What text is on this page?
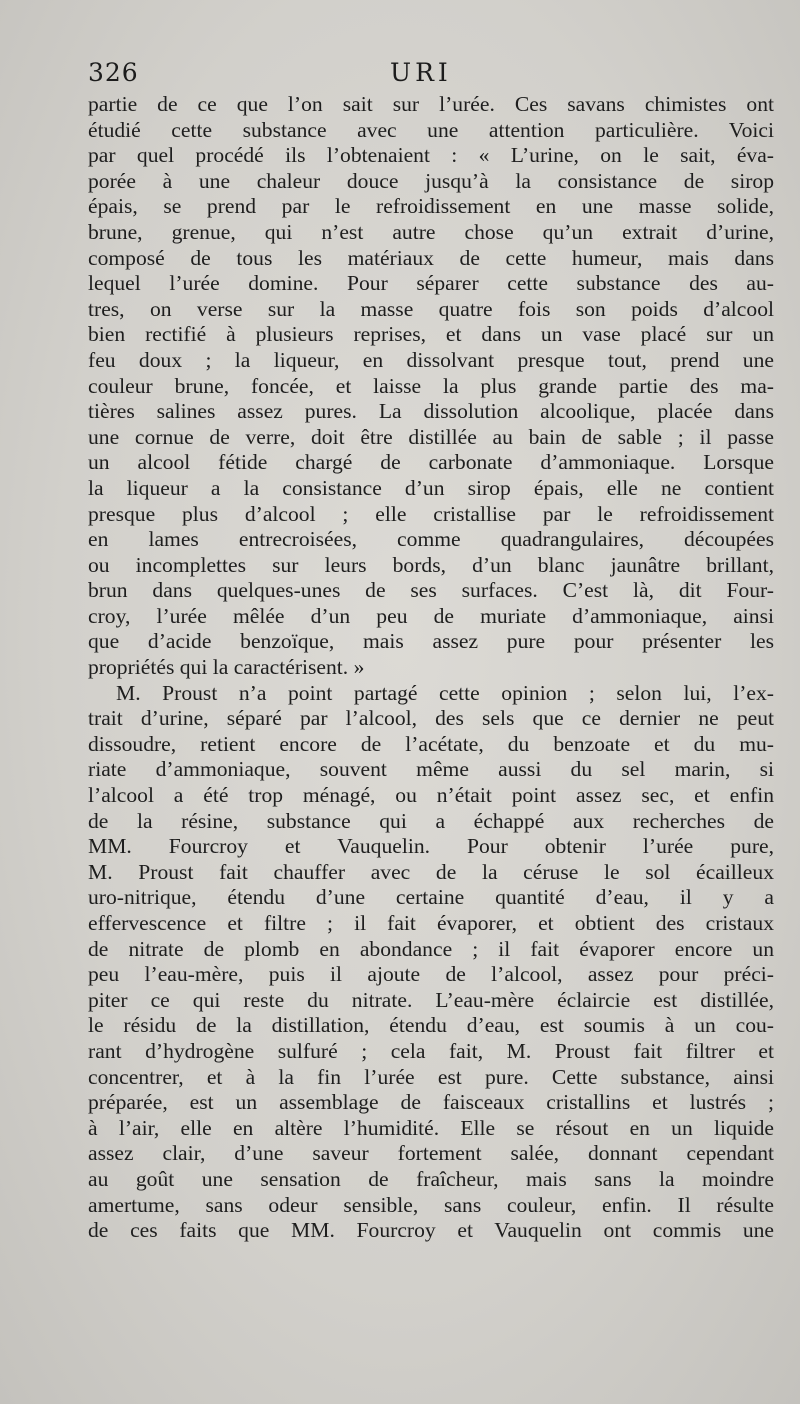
326	URI
partie de ce que l’on sait sur l’urée. Ces savans chimistes ont
étudié cette substance avec une attention particulière. Voici
par quel procédé ils l’obtenaient : « L’urine, on le sait, éva-
porée à une chaleur douce jusqu’à la consistance de sirop
épais, se prend par le refroidissement en une masse solide,
brune, grenue, qui n’est autre chose qu’un extrait d’urine,
composé de tous les matériaux de cette humeur, mais dans
lequel l’urée domine. Pour séparer cette substance des au-
tres, on verse sur la masse quatre fois son poids d’alcool
bien rectifié à plusieurs reprises, et dans un vase placé sur un
feu doux ; la liqueur, en dissolvant presque tout, prend une
couleur brune, foncée, et laisse la plus grande partie des ma-
tières salines assez pures. La dissolution alcoolique, placée dans
une cornue de verre, doit être distillée au bain de sable ; il passe
un alcool fétide chargé de carbonate d’ammoniaque. Lorsque
la liqueur a la consistance d’un sirop épais, elle ne contient
presque plus d’alcool ; elle cristallise par le refroidissement
en lames entrecroisées, comme quadrangulaires, découpées
ou incomplettes sur leurs bords, d’un blanc jaunâtre brillant,
brun dans quelques-unes de ses surfaces. C’est là, dit Four-
croy, l’urée mêlée d’un peu de muriate d’ammoniaque, ainsi
que d’acide benzoïque, mais assez pure pour présenter les
propriétés qui la caractérisent. »
M. Proust n’a point partagé cette opinion ; selon lui, l’ex-
trait d’urine, séparé par l’alcool, des sels que ce dernier ne peut
dissoudre, retient encore de l’acétate, du benzoate et du mu-
riate d’ammoniaque, souvent même aussi du sel marin, si
l’alcool a été trop ménagé, ou n’était point assez sec, et enfin
de la résine, substance qui a échappé aux recherches de
MM. Fourcroy et Vauquelin. Pour obtenir l’urée pure,
M. Proust fait chauffer avec de la céruse le sol écailleux
uro-nitrique, étendu d’une certaine quantité d’eau, il y a
effervescence et filtre ; il fait évaporer, et obtient des cristaux
de nitrate de plomb en abondance ; il fait évaporer encore un
peu l’eau-mère, puis il ajoute de l’alcool, assez pour préci-
piter ce qui reste du nitrate. L’eau-mère éclaircie est distillée,
le résidu de la distillation, étendu d’eau, est soumis à un cou-
rant d’hydrogène sulfuré ; cela fait, M. Proust fait filtrer et
concentrer, et à la fin l’urée est pure. Cette substance, ainsi
préparée, est un assemblage de faisceaux cristallins et lustrés ;
à l’air, elle en altère l’humidité. Elle se résout en un liquide
assez clair, d’une saveur fortement salée, donnant cependant
au goût une sensation de fraîcheur, mais sans la moindre
amertume, sans odeur sensible, sans couleur, enfin. Il résulte
de ces faits que MM. Fourcroy et Vauquelin ont commis une
